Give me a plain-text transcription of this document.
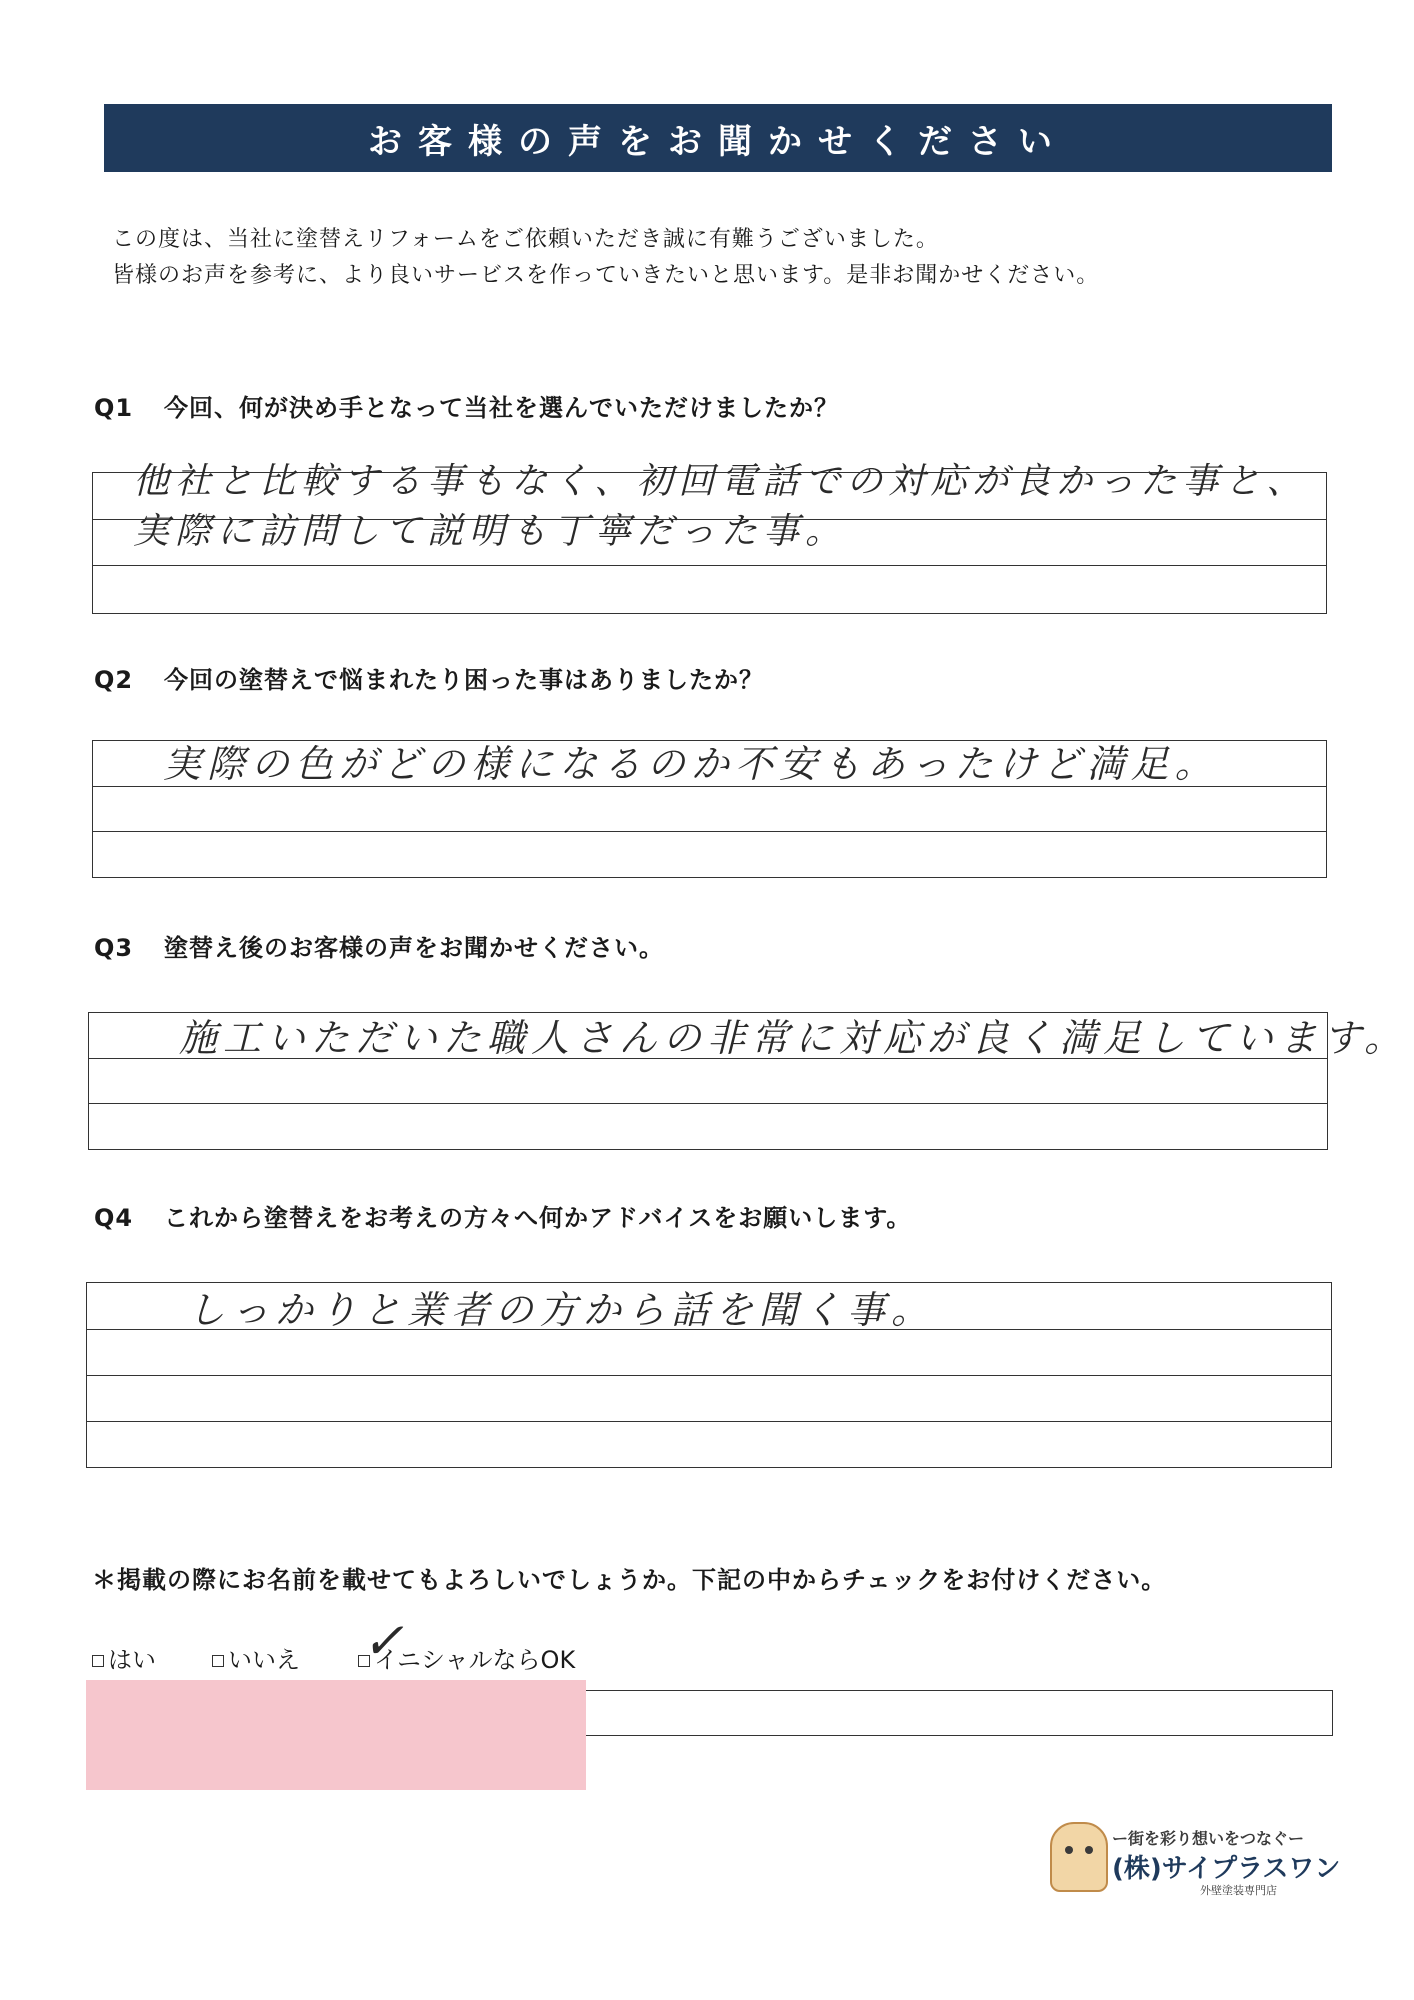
お客様の声をお聞かせください
この度は、当社に塗替えリフォームをご依頼いただき誠に有難うございました。
皆様のお声を参考に、より良いサービスを作っていきたいと思います。是非お聞かせください。
Q1 今回、何が決め手となって当社を選んでいただけましたか？
他社と比較する事もなく、初回電話での対応が良かった事と、
実際に訪問して説明も丁寧だった事。
Q2 今回の塗替えで悩まれたり困った事はありましたか？
実際の色がどの様になるのか不安もあったけど満足。
Q3 塗替え後のお客様の声をお聞かせください。
施工いただいた職人さんの非常に対応が良く満足しています。
Q4 これから塗替えをお考えの方々へ何かアドバイスをお願いします。
しっかりと業者の方から話を聞く事。
＊掲載の際にお名前を載せてもよろしいでしょうか。下記の中からチェックをお付けください。
はい	いいえ	イニシャルならOK
✓
ー街を彩り想いをつなぐー
(株)サイプラスワン
外壁塗装専門店
